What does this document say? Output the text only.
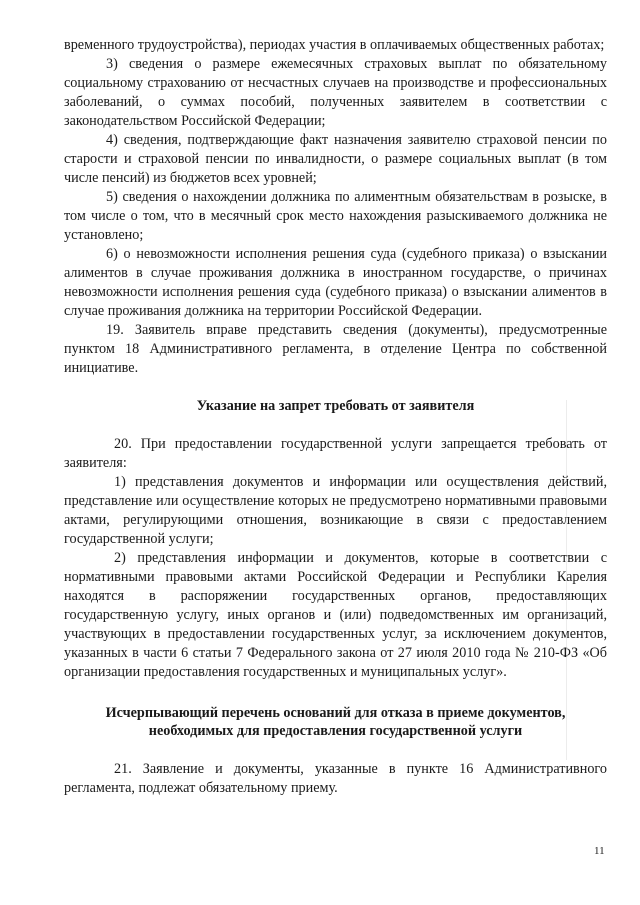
временного трудоустройства), периодах участия в оплачиваемых общественных работах;

3) сведения о размере ежемесячных страховых выплат по обязательному социальному страхованию от несчастных случаев на производстве и профессиональных заболеваний, о суммах пособий, полученных заявителем в соответствии с законодательством Российской Федерации;

4) сведения, подтверждающие факт назначения заявителю страховой пенсии по старости и страховой пенсии по инвалидности, о размере социальных выплат (в том числе пенсий) из бюджетов всех уровней;

5) сведения о нахождении должника по алиментным обязательствам в розыске, в том числе о том, что в месячный срок место нахождения разыскиваемого должника не установлено;

6) о невозможности исполнения решения суда (судебного приказа) о взыскании алиментов в случае проживания должника в иностранном государстве, о причинах невозможности исполнения решения суда (судебного приказа) о взыскании алиментов в случае проживания должника на территории Российской Федерации.

19. Заявитель вправе представить сведения (документы), предусмотренные пунктом 18 Административного регламента, в отделение Центра по собственной инициативе.

Указание на запрет требовать от заявителя

20. При предоставлении государственной услуги запрещается требовать от заявителя:

1) представления документов и информации или осуществления действий, представление или осуществление которых не предусмотрено нормативными правовыми актами, регулирующими отношения, возникающие в связи с предоставлением государственной услуги;

2) представления информации и документов, которые в соответствии с нормативными правовыми актами Российской Федерации и Республики Карелия находятся в распоряжении государственных органов, предоставляющих государственную услугу, иных органов и (или) подведомственных им организаций, участвующих в предоставлении государственных услуг, за исключением документов, указанных в части 6 статьи 7 Федерального закона от 27 июля 2010 года № 210-ФЗ «Об организации предоставления государственных и муниципальных услуг».

Исчерпывающий перечень оснований для отказа в приеме документов,

необходимых для предоставления государственной услуги

21. Заявление и документы, указанные в пункте 16 Административного регламента, подлежат обязательному приему.

11
